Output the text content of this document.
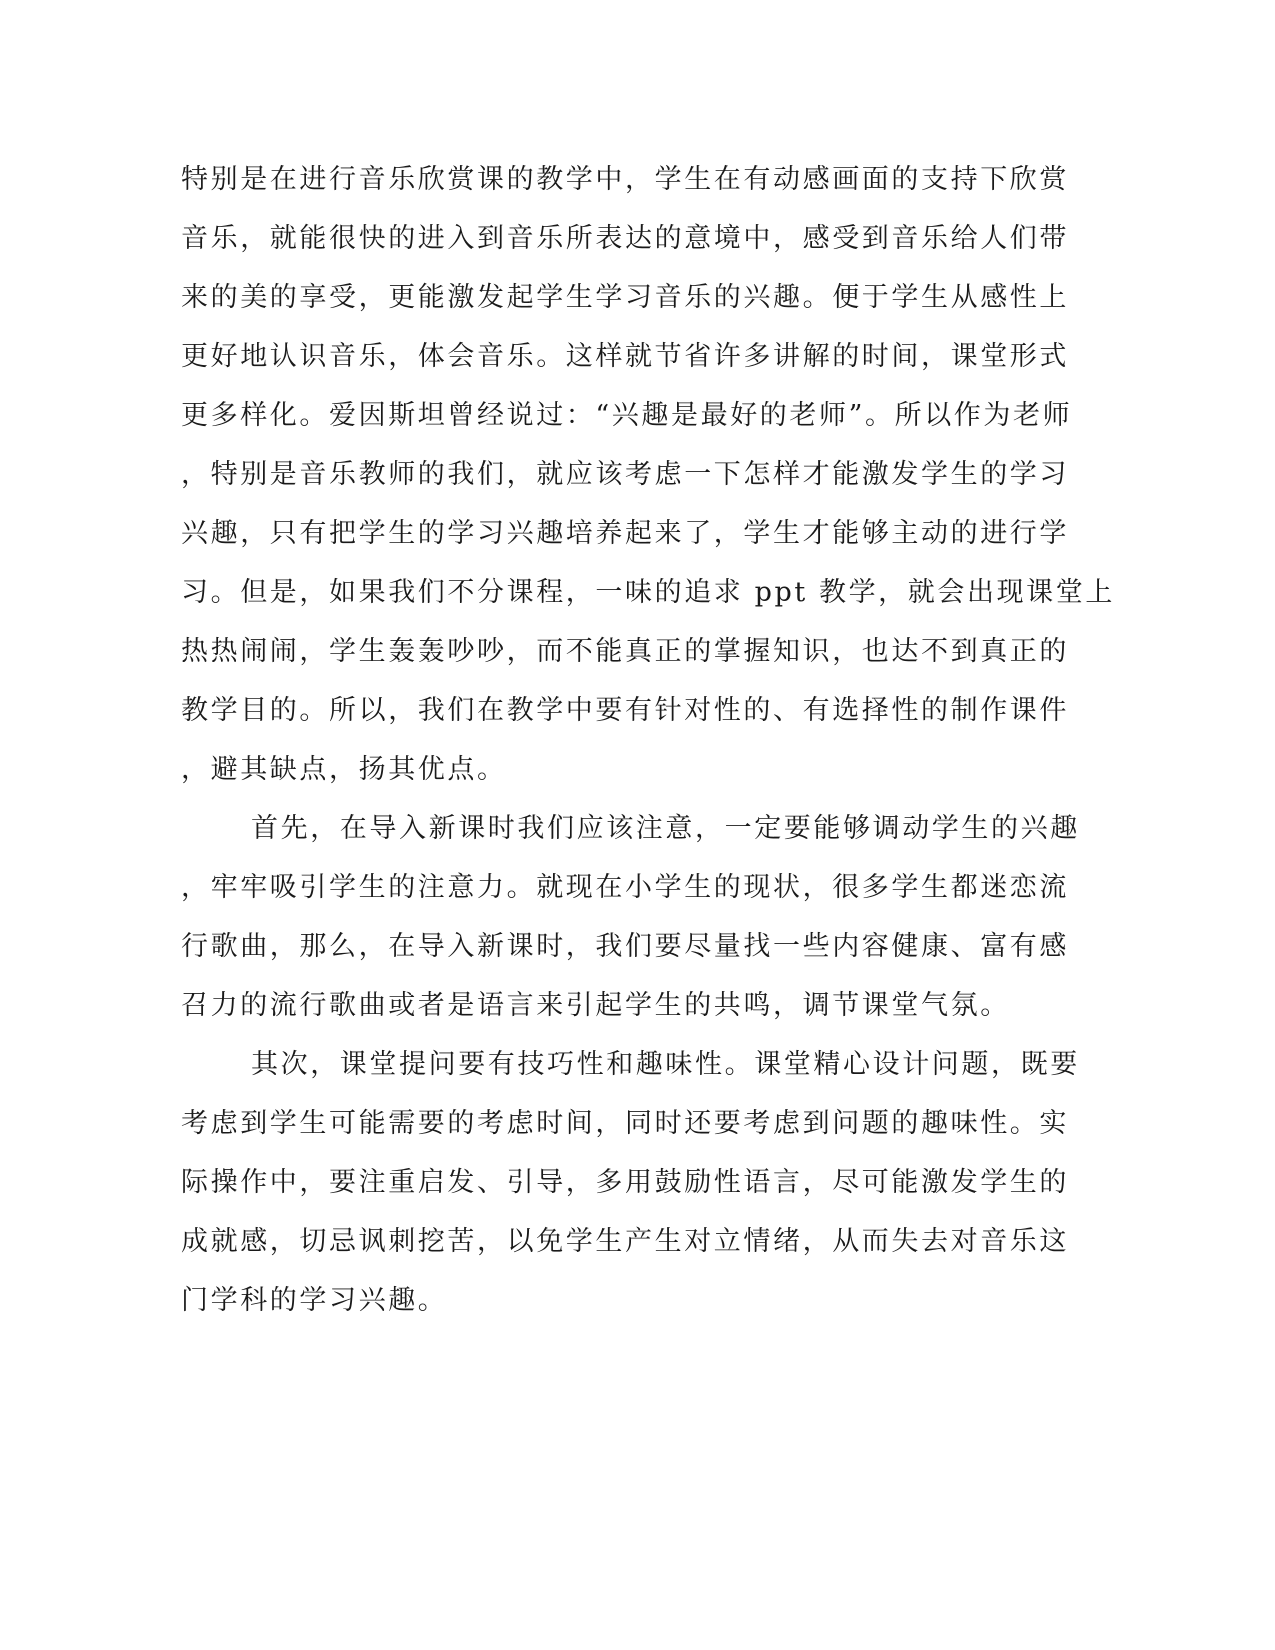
特别是在进行音乐欣赏课的教学中，学生在有动感画面的支持下欣赏
音乐，就能很快的进入到音乐所表达的意境中，感受到音乐给人们带
来的美的享受，更能激发起学生学习音乐的兴趣。便于学生从感性上
更好地认识音乐，体会音乐。这样就节省许多讲解的时间，课堂形式
更多样化。爱因斯坦曾经说过：“兴趣是最好的老师”。所以作为老师
，特别是音乐教师的我们，就应该考虑一下怎样才能激发学生的学习
兴趣，只有把学生的学习兴趣培养起来了，学生才能够主动的进行学
习。但是，如果我们不分课程，一味的追求 ppt 教学，就会出现课堂上
热热闹闹，学生轰轰吵吵，而不能真正的掌握知识，也达不到真正的
教学目的。所以，我们在教学中要有针对性的、有选择性的制作课件
，避其缺点，扬其优点。
首先，在导入新课时我们应该注意，一定要能够调动学生的兴趣
，牢牢吸引学生的注意力。就现在小学生的现状，很多学生都迷恋流
行歌曲，那么，在导入新课时，我们要尽量找一些内容健康、富有感
召力的流行歌曲或者是语言来引起学生的共鸣，调节课堂气氛。
其次，课堂提问要有技巧性和趣味性。课堂精心设计问题，既要
考虑到学生可能需要的考虑时间，同时还要考虑到问题的趣味性。实
际操作中，要注重启发、引导，多用鼓励性语言，尽可能激发学生的
成就感，切忌讽刺挖苦，以免学生产生对立情绪，从而失去对音乐这
门学科的学习兴趣。
